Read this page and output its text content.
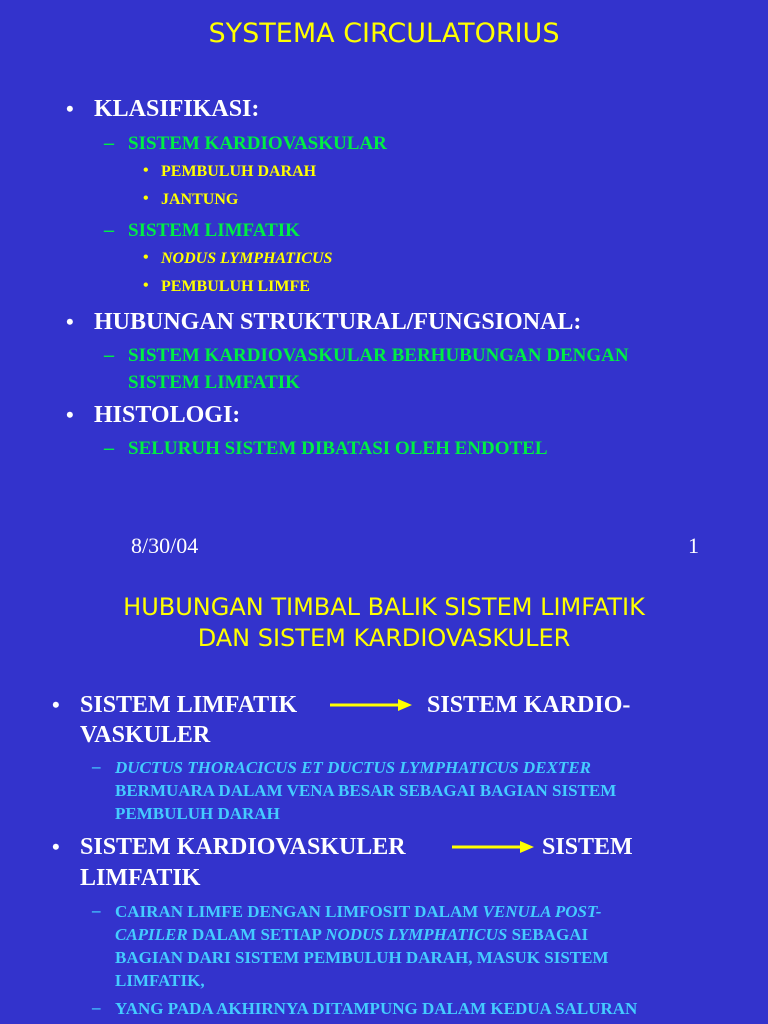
SYSTEMA CIRCULATORIUS
• KLASIFIKASI:
– SISTEM KARDIOVASKULAR
• PEMBULUH DARAH
• JANTUNG
– SISTEM LIMFATIK
• NODUS LYMPHATICUS
• PEMBULUH LIMFE
• HUBUNGAN STRUKTURAL/FUNGSIONAL:
– SISTEM KARDIOVASKULAR BERHUBUNGAN DENGAN
SISTEM LIMFATIK
• HISTOLOGI:
– SELURUH SISTEM DIBATASI OLEH ENDOTEL
8/30/04	1
HUBUNGAN TIMBAL BALIK SISTEM LIMFATIK
DAN SISTEM KARDIOVASKULER
• SISTEM LIMFATIK	SISTEM KARDIO-
VASKULER
– DUCTUS THORACICUS ET DUCTUS LYMPHATICUS DEXTER
BERMUARA DALAM VENA BESAR SEBAGAI BAGIAN SISTEM
PEMBULUH DARAH
• SISTEM KARDIOVASKULER	SISTEM
LIMFATIK
– CAIRAN LIMFE DENGAN LIMFOSIT DALAM VENULA POST-
CAPILER DALAM SETIAP NODUS LYMPHATICUS SEBAGAI
BAGIAN DARI SISTEM PEMBULUH DARAH, MASUK SISTEM
LIMFATIK,
– YANG PADA AKHIRNYA DITAMPUNG DALAM KEDUA SALURAN
